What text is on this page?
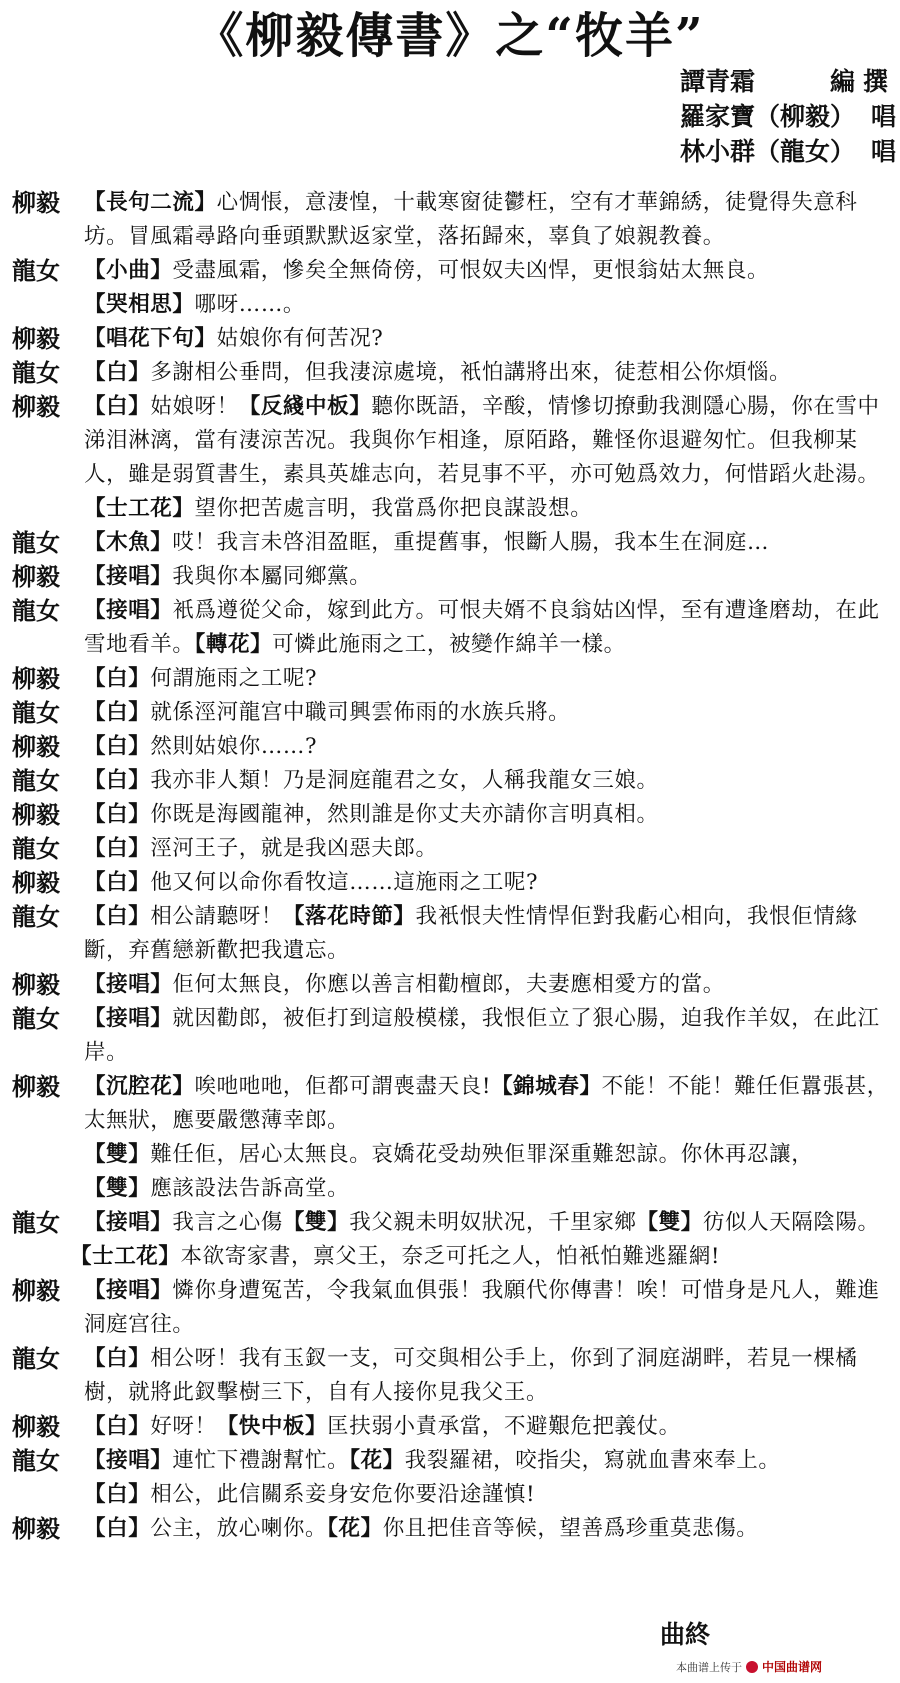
《柳毅傳書》之“牧羊”
譚青霜	編撰
羅家寶（柳毅） 唱
林小群（龍女） 唱
柳毅	【長句二流】心惆悵，意淒惶，十載寒窗徒鬱枉，空有才華錦綉，徒覺得失意科坊。冒風霜尋路向垂頭默默返家堂，落拓歸來，辜負了娘親教養。
龍女	【小曲】受盡風霜，慘矣全無倚傍，可恨奴夫凶悍，更恨翁姑太無良。
【哭相思】哪呀……。
柳毅	【唱花下句】姑娘你有何苦况?
龍女	【白】多謝相公垂問，但我淒涼處境，衹怕講將出來，徒惹相公你煩惱。
柳毅	【白】姑娘呀！【反綫中板】聽你既語，辛酸，情慘切撩動我測隱心腸，你在雪中涕泪淋漓，當有淒涼苦况。我與你乍相逢，原陌路，難怪你退避匆忙。但我柳某人，雖是弱質書生，素具英雄志向，若見事不平，亦可勉爲效力，何惜蹈火赴湯。【士工花】望你把苦處言明，我當爲你把良謀設想。
龍女	【木魚】哎！我言未啓泪盈眶，重提舊事，恨斷人腸，我本生在洞庭…
柳毅	【接唱】我與你本屬同鄉黨。
龍女	【接唱】衹爲遵從父命，嫁到此方。可恨夫婿不良翁姑凶悍，至有遭逢磨劫，在此雪地看羊。【轉花】可憐此施雨之工，被變作綿羊一樣。
柳毅	【白】何謂施雨之工呢?
龍女	【白】就係涇河龍宫中職司興雲佈雨的水族兵將。
柳毅	【白】然則姑娘你……?
龍女	【白】我亦非人類！乃是洞庭龍君之女，人稱我龍女三娘。
柳毅	【白】你既是海國龍神，然則誰是你丈夫亦請你言明真相。
龍女	【白】涇河王子，就是我凶惡夫郎。
柳毅	【白】他又何以命你看牧這……這施雨之工呢?
龍女	【白】相公請聽呀！【落花時節】我衹恨夫性情悍佢對我虧心相向，我恨佢情緣斷，弃舊戀新歡把我遺忘。
柳毅	【接唱】佢何太無良，你應以善言相勸檀郎，夫妻應相愛方的當。
龍女	【接唱】就因勸郎，被佢打到這般模樣，我恨佢立了狠心腸，迫我作羊奴，在此江岸。
柳毅	【沉腔花】唉吔吔吔，佢都可謂喪盡天良!【錦城春】不能！不能！難任佢囂張甚，太無狀，應要嚴懲薄幸郎。
【雙】難任佢，居心太無良。哀嬌花受劫殃佢罪深重難恕諒。你休再忍讓，
【雙】應該設法告訴高堂。
龍女	【接唱】我言之心傷【雙】我父親未明奴狀况，千里家鄉【雙】彷似人天隔陰陽。
【士工花】本欲寄家書，禀父王，奈乏可托之人，怕衹怕難逃羅網!
柳毅	【接唱】憐你身遭冤苦，令我氣血俱張！我願代你傳書！唉！可惜身是凡人，難進洞庭宫往。
龍女	【白】相公呀！我有玉釵一支，可交與相公手上，你到了洞庭湖畔，若見一棵橘樹，就將此釵擊樹三下，自有人接你見我父王。
柳毅	【白】好呀！【快中板】匡扶弱小責承當，不避艱危把義仗。
龍女	【接唱】連忙下禮謝幫忙。【花】我裂羅裙，咬指尖，寫就血書來奉上。
【白】相公，此信關系妾身安危你要沿途謹慎!
柳毅	【白】公主，放心喇你。【花】你且把佳音等候，望善爲珍重莫悲傷。
曲終
本曲谱上传于 中国曲谱网
